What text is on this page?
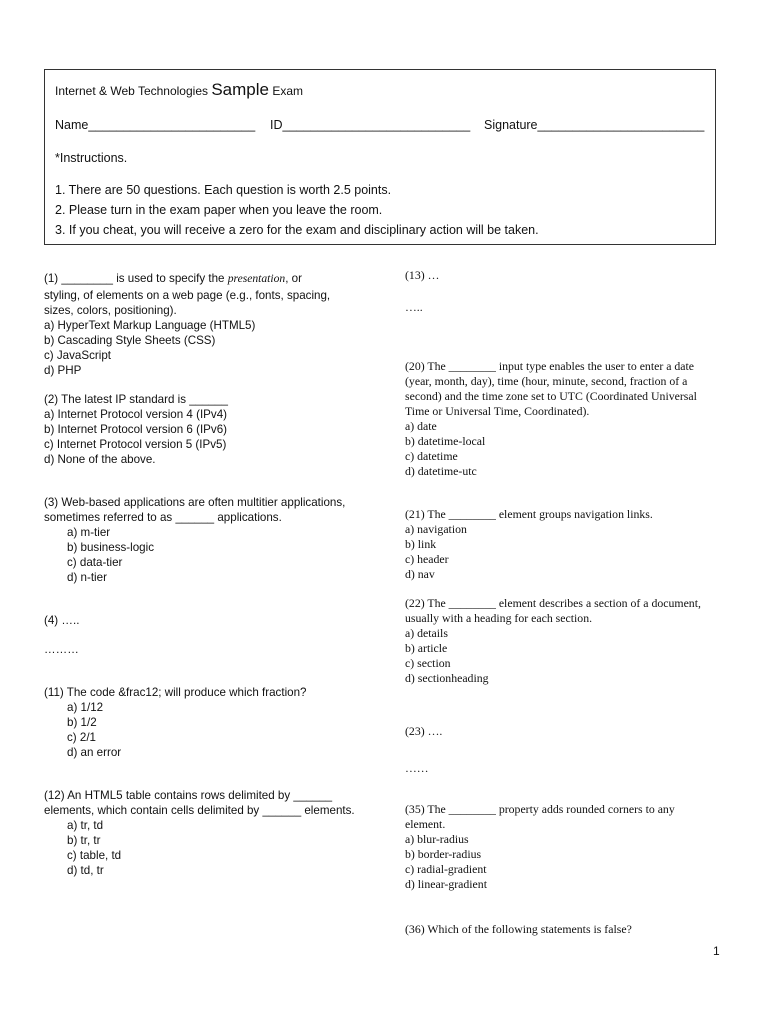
Internet & Web Technologies Sample Exam
Name________________________ ID___________________________ Signature________________________
*Instructions.
1. There are 50 questions. Each question is worth 2.5 points.
2. Please turn in the exam paper when you leave the room.
3. If you cheat, you will receive a zero for the exam and disciplinary action will be taken.
(1) ________ is used to specify the presentation, or
styling, of elements on a web page (e.g., fonts, spacing,
sizes, colors, positioning).
a) HyperText Markup Language (HTML5)
b) Cascading Style Sheets (CSS)
c) JavaScript
d) PHP
(2) The latest IP standard is ______
a) Internet Protocol version 4 (IPv4)
b) Internet Protocol version 6 (IPv6)
c) Internet Protocol version 5 (IPv5)
d) None of the above.
(3) Web-based applications are often multitier applications,
sometimes referred to as ______ applications.
a) m-tier
b) business-logic
c) data-tier
d) n-tier
(4) …..
………
(11) The code &frac12; will produce which fraction?
a) 1/12
b) 1/2
c) 2/1
d) an error
(12) An HTML5 table contains rows delimited by ______
elements, which contain cells delimited by ______ elements.
a) tr, td
b) tr, tr
c) table, td
d) td, tr
(13) …
…..
(20) The ________ input type enables the user to enter a date
(year, month, day), time (hour, minute, second, fraction of a
second) and the time zone set to UTC (Coordinated Universal
Time or Universal Time, Coordinated).
a) date
b) datetime-local
c) datetime
d) datetime-utc
(21) The ________ element groups navigation links.
a) navigation
b) link
c) header
d) nav
(22) The ________ element describes a section of a document,
usually with a heading for each section.
a) details
b) article
c) section
d) sectionheading
(23) ….
……
(35) The ________ property adds rounded corners to any
element.
a) blur-radius
b) border-radius
c) radial-gradient
d) linear-gradient
(36) Which of the following statements is false?
1
